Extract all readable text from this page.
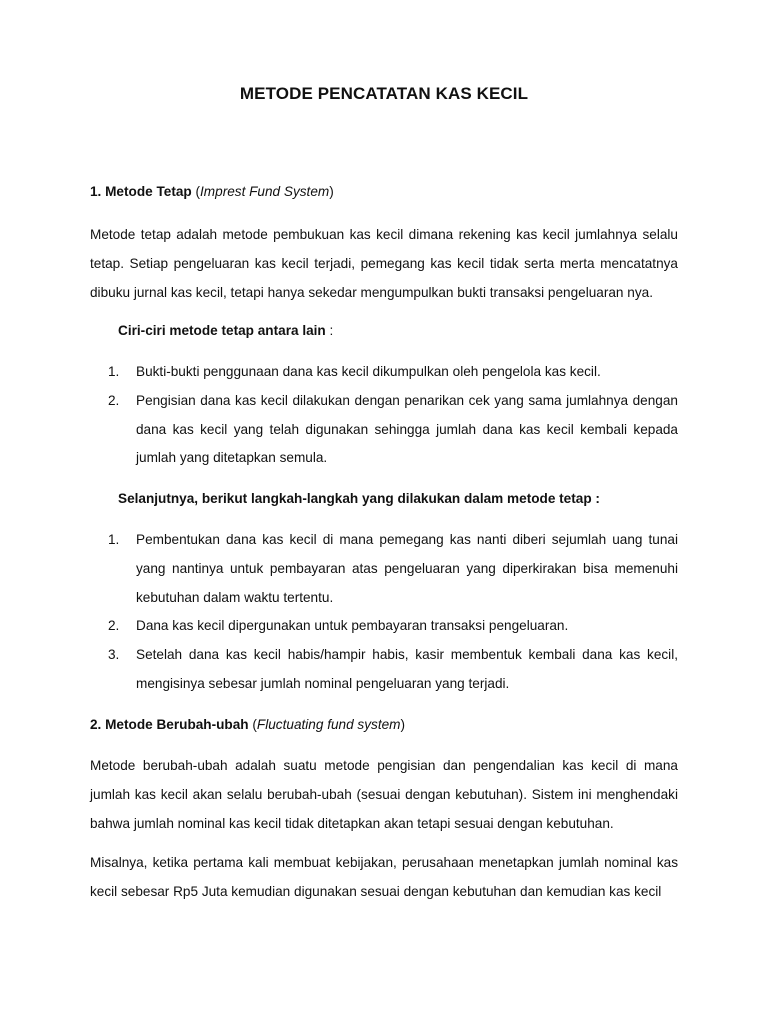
METODE PENCATATAN KAS KECIL
1. Metode Tetap (Imprest Fund System)
Metode tetap adalah metode pembukuan kas kecil dimana rekening kas kecil jumlahnya selalu tetap. Setiap pengeluaran kas kecil terjadi, pemegang kas kecil tidak serta merta mencatatnya dibuku jurnal kas kecil, tetapi hanya sekedar mengumpulkan bukti transaksi pengeluaran nya.
Ciri-ciri metode tetap antara lain :
1. Bukti-bukti penggunaan dana kas kecil dikumpulkan oleh pengelola kas kecil.
2. Pengisian dana kas kecil dilakukan dengan penarikan cek yang sama jumlahnya dengan dana kas kecil yang telah digunakan sehingga jumlah dana kas kecil kembali kepada jumlah yang ditetapkan semula.
Selanjutnya, berikut langkah-langkah yang dilakukan dalam metode tetap :
1. Pembentukan dana kas kecil di mana pemegang kas nanti diberi sejumlah uang tunai yang nantinya untuk pembayaran atas pengeluaran yang diperkirakan bisa memenuhi kebutuhan dalam waktu tertentu.
2. Dana kas kecil dipergunakan untuk pembayaran transaksi pengeluaran.
3. Setelah dana kas kecil habis/hampir habis, kasir membentuk kembali dana kas kecil, mengisinya sebesar jumlah nominal pengeluaran yang terjadi.
2. Metode Berubah-ubah (Fluctuating fund system)
Metode berubah-ubah adalah suatu metode pengisian dan pengendalian kas kecil di mana jumlah kas kecil akan selalu berubah-ubah (sesuai dengan kebutuhan). Sistem ini menghendaki bahwa jumlah nominal kas kecil tidak ditetapkan akan tetapi sesuai dengan kebutuhan.
Misalnya, ketika pertama kali membuat kebijakan, perusahaan menetapkan jumlah nominal kas kecil sebesar Rp5 Juta kemudian digunakan sesuai dengan kebutuhan dan kemudian kas kecil
